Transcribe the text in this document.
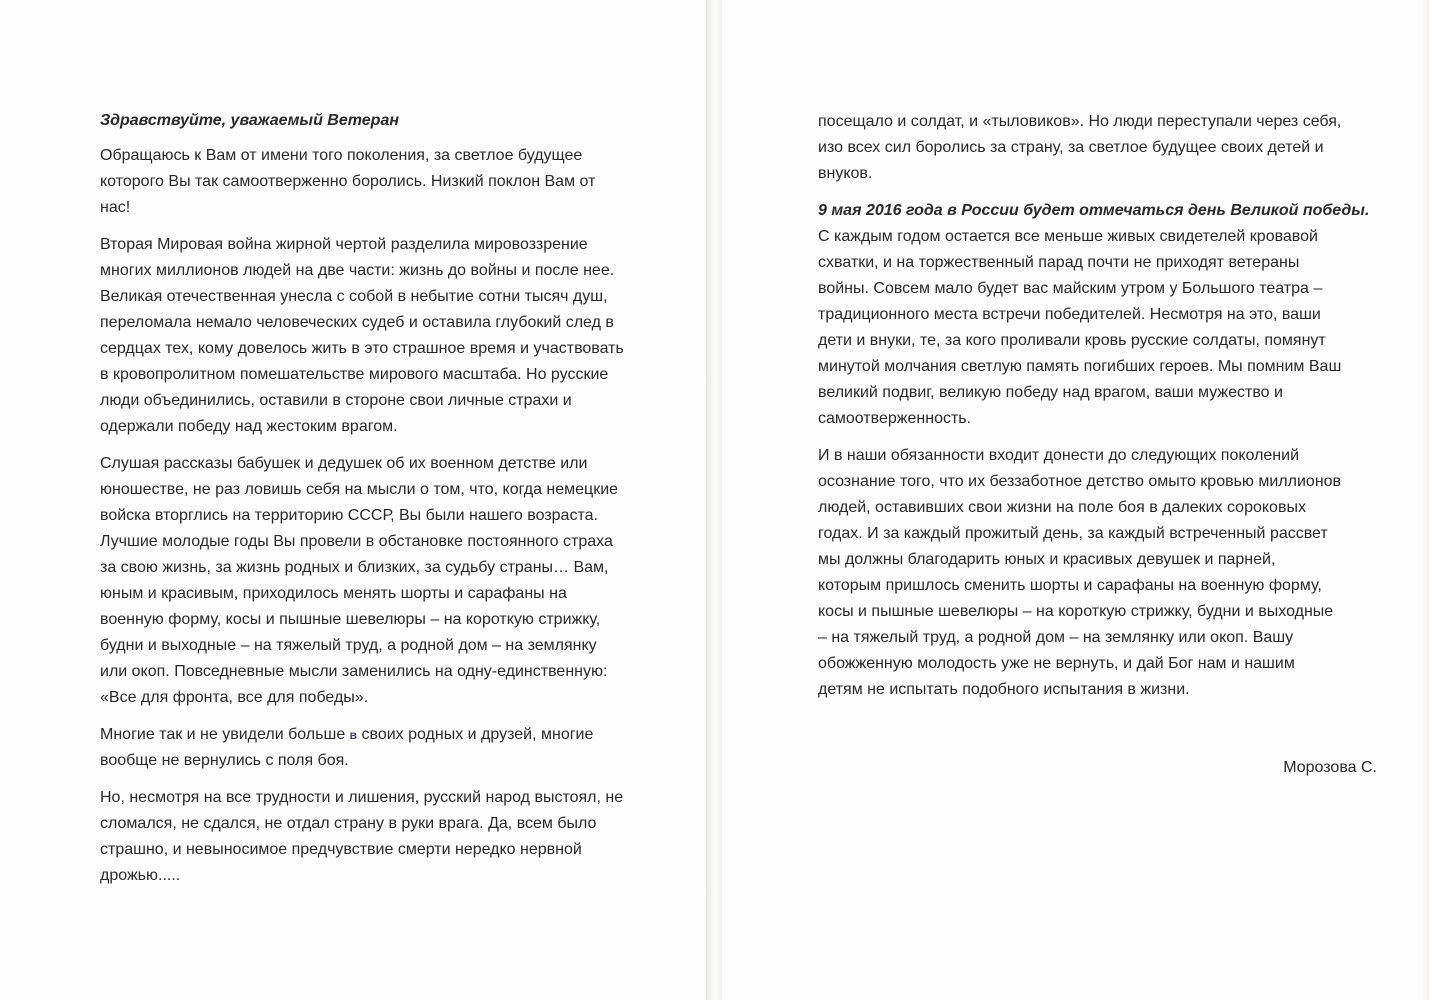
Здравствуйте, уважаемый Ветеран

Обращаюсь к Вам от имени того поколения, за светлое будущее
которого Вы так самоотверженно боролись. Низкий поклон Вам от
нас!

Вторая Мировая война жирной чертой разделила мировоззрение
многих миллионов людей на две части: жизнь до войны и после нее.
Великая отечественная унесла с собой в небытие сотни тысяч душ,
переломала немало человеческих судеб и оставила глубокий след в
сердцах тех, кому довелось жить в это страшное время и участвовать
в кровопролитном помешательстве мирового масштаба. Но русские
люди объединились, оставили в стороне свои личные страхи и
одержали победу над жестоким врагом.

Слушая рассказы бабушек и дедушек об их военном детстве или
юношестве, не раз ловишь себя на мысли о том, что, когда немецкие
войска вторглись на территорию СССР, Вы были нашего возраста.
Лучшие молодые годы Вы провели в обстановке постоянного страха
за свою жизнь, за жизнь родных и близких, за судьбу страны… Вам,
юным и красивым, приходилось менять шорты и сарафаны на
военную форму, косы и пышные шевелюры – на короткую стрижку,
будни и выходные – на тяжелый труд, а родной дом – на землянку
или окоп. Повседневные мысли заменились на одну-единственную:
«Все для фронта, все для победы».

Многие так и не увидели больше в своих родных и друзей, многие
вообще не вернулись с поля боя.

Но, несмотря на все трудности и лишения, русский народ выстоял, не
сломался, не сдался, не отдал страну в руки врага. Да, всем было
страшно, и невыносимое предчувствие смерти нередко нервной
дрожью.....

посещало и солдат, и «тыловиков». Но люди переступали через себя,
изо всех сил боролись за страну, за светлое будущее своих детей и
внуков.

9 мая 2016 года в России будет отмечаться день Великой победы.
С каждым годом остается все меньше живых свидетелей кровавой
схватки, и на торжественный парад почти не приходят ветераны
войны. Совсем мало будет вас майским утром у Большого театра –
традиционного места встречи победителей. Несмотря на это, ваши
дети и внуки, те, за кого проливали кровь русские солдаты, помянут
минутой молчания светлую память погибших героев. Мы помним Ваш
великий подвиг, великую победу над врагом, ваши мужество и
самоотверженность.

И в наши обязанности входит донести до следующих поколений
осознание того, что их беззаботное детство омыто кровью миллионов
людей, оставивших свои жизни на поле боя в далеких сороковых
годах. И за каждый прожитый день, за каждый встреченный рассвет
мы должны благодарить юных и красивых девушек и парней,
которым пришлось сменить шорты и сарафаны на военную форму,
косы и пышные шевелюры – на короткую стрижку, будни и выходные
– на тяжелый труд, а родной дом – на землянку или окоп. Вашу
обожженную молодость уже не вернуть, и дай Бог нам и нашим
детям не испытать подобного испытания в жизни.

Морозова С.
